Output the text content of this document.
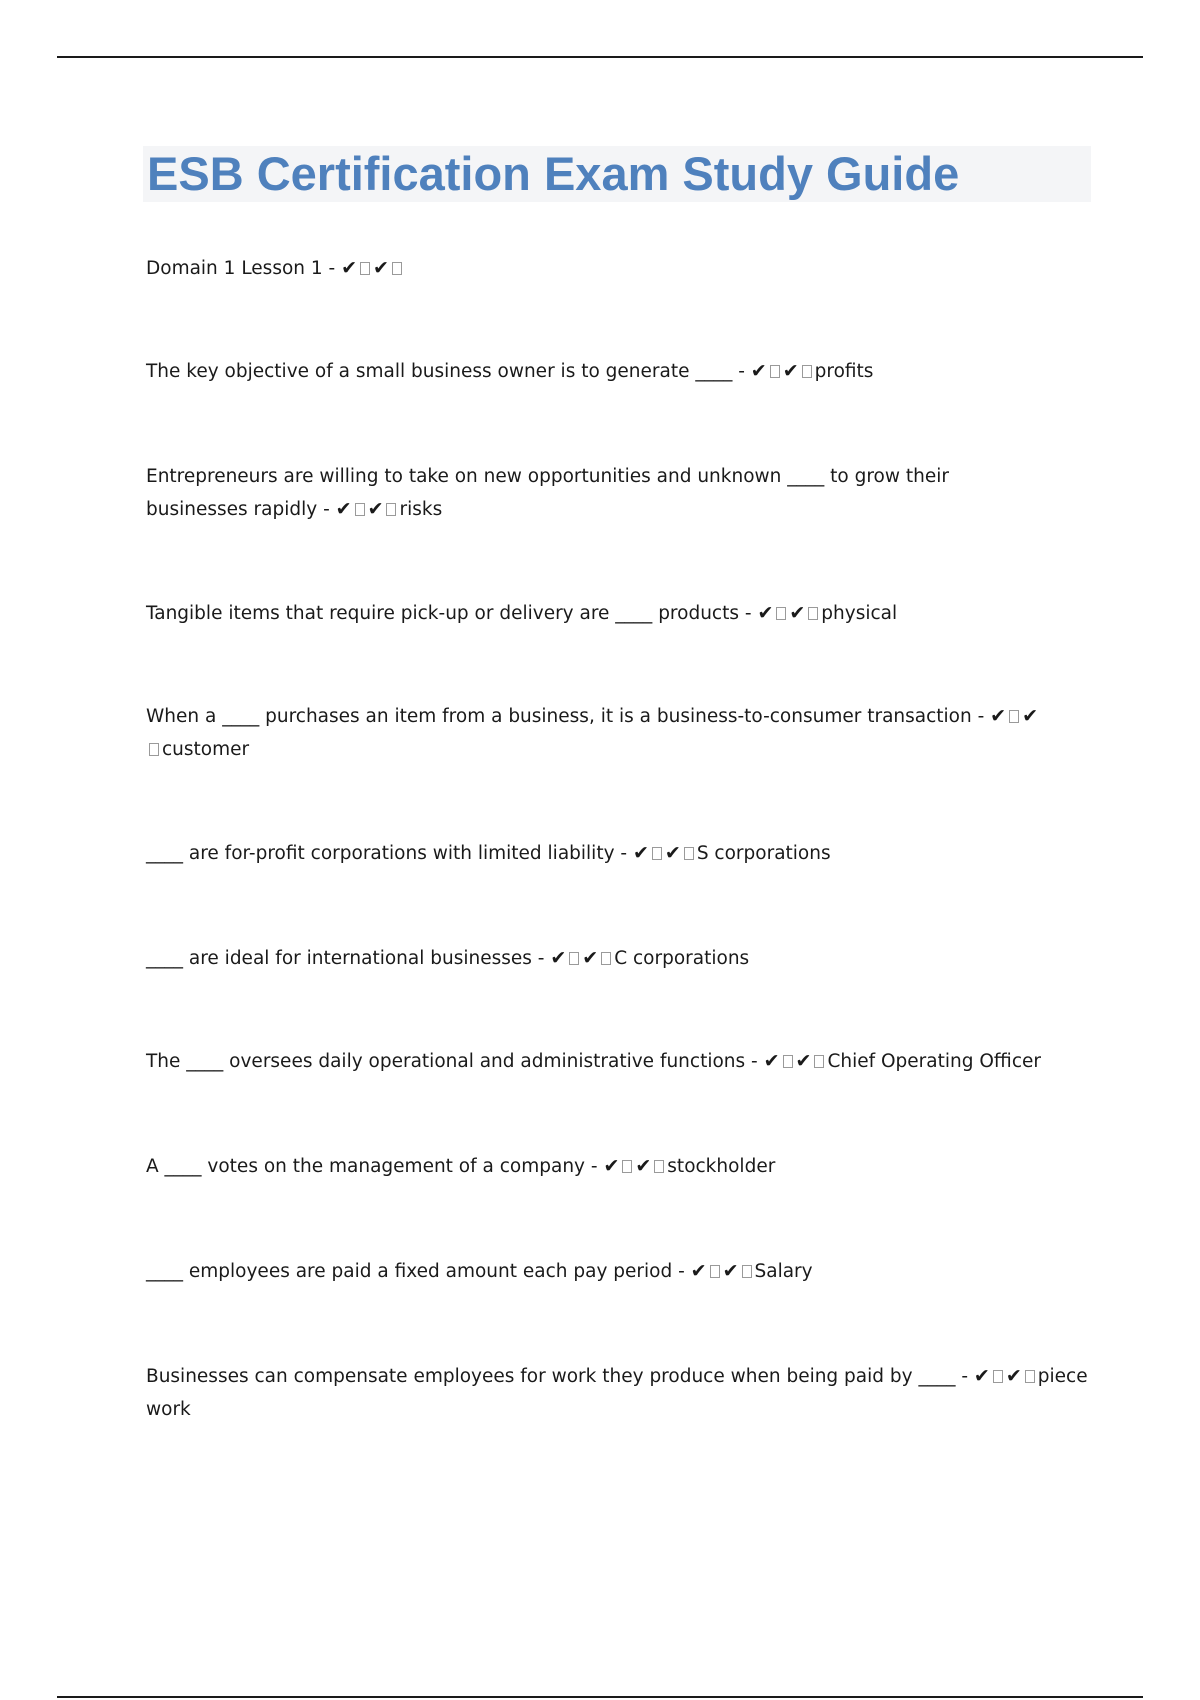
ESB Certification Exam Study Guide

Domain 1 Lesson 1 - ✔ ✔

The key objective of a small business owner is to generate ____ - ✔ ✔ profits

Entrepreneurs are willing to take on new opportunities and unknown ____ to grow their businesses rapidly - ✔ ✔ risks

Tangible items that require pick-up or delivery are ____ products - ✔ ✔ physical

When a ____ purchases an item from a business, it is a business-to-consumer transaction - ✔ ✔customer

____ are for-profit corporations with limited liability - ✔ ✔ S corporations

____ are ideal for international businesses - ✔ ✔ C corporations

The ____ oversees daily operational and administrative functions - ✔ ✔ Chief Operating Officer

A ____ votes on the management of a company - ✔ ✔ stockholder

____ employees are paid a fixed amount each pay period - ✔ ✔ Salary

Businesses can compensate employees for work they produce when being paid by ____ - ✔ ✔ piece work
